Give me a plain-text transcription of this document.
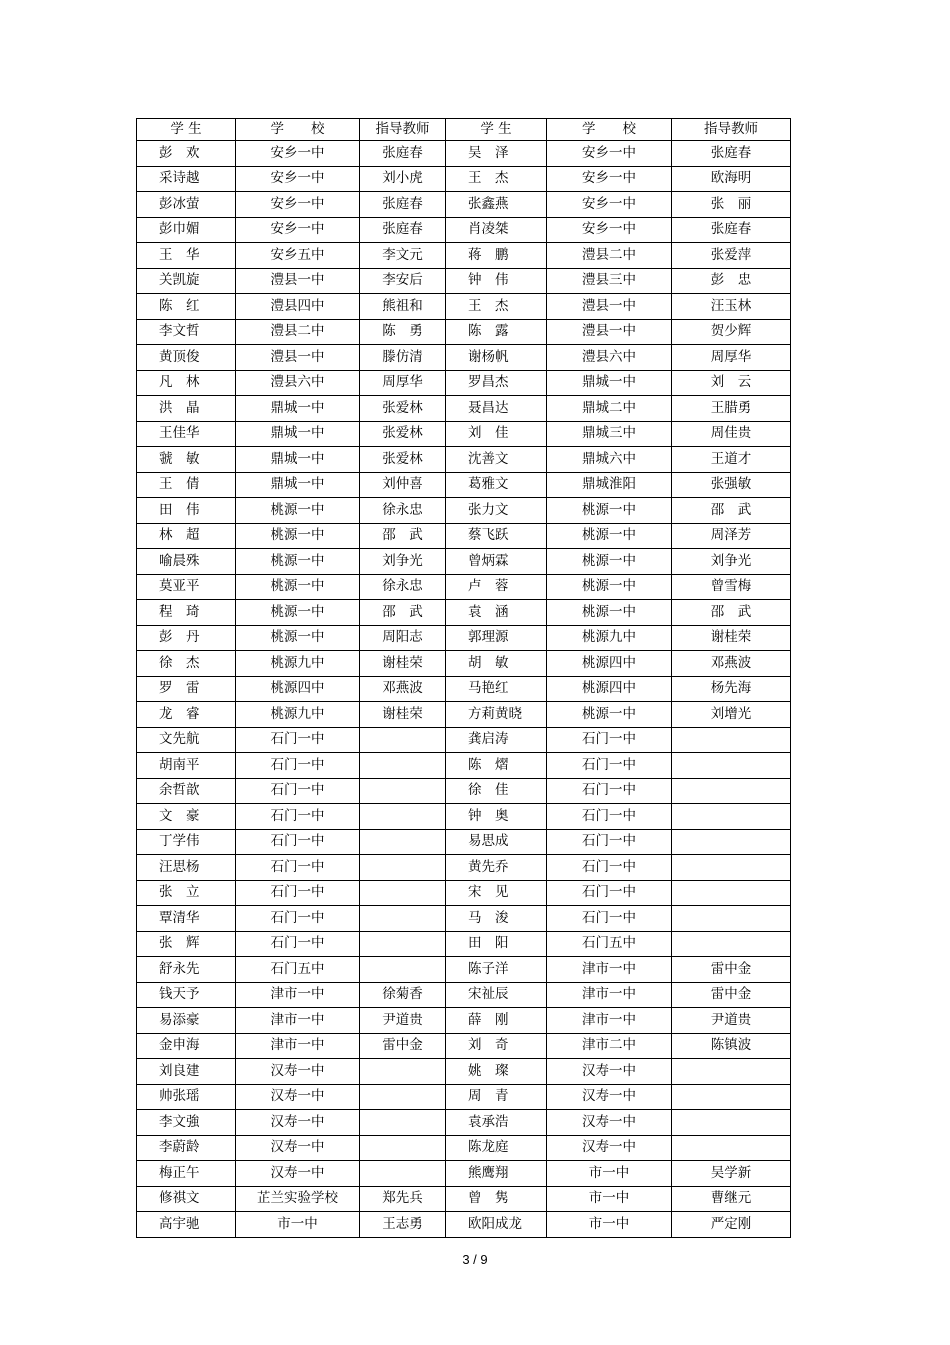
学 生	学　　校	指导教师	学 生	学　　校	指导教师
彭　欢	安乡一中	张庭春	吴　泽	安乡一中	张庭春
采诗越	安乡一中	刘小虎	王　杰	安乡一中	欧海明
彭冰萤	安乡一中	张庭春	张鑫燕	安乡一中	张　丽
彭巾媚	安乡一中	张庭春	肖凌桀	安乡一中	张庭春
王　华	安乡五中	李文元	蒋　鹏	澧县二中	张爱萍
关凯旋	澧县一中	李安后	钟　伟	澧县三中	彭　忠
陈　红	澧县四中	熊祖和	王　杰	澧县一中	汪玉林
李文哲	澧县二中	陈　勇	陈　露	澧县一中	贺少辉
黄顶俊	澧县一中	滕仿清	谢杨帆	澧县六中	周厚华
凡　林	澧县六中	周厚华	罗昌杰	鼎城一中	刘　云
洪　晶	鼎城一中	张爱林	聂昌达	鼎城二中	王腊勇
王佳华	鼎城一中	张爱林	刘　佳	鼎城三中	周佳贵
虢　敏	鼎城一中	张爱林	沈善文	鼎城六中	王道才
王　倩	鼎城一中	刘仲喜	葛雅文	鼎城淮阳	张强敏
田　伟	桃源一中	徐永忠	张力文	桃源一中	邵　武
林　超	桃源一中	邵　武	蔡飞跃	桃源一中	周泽芳
喻晨殊	桃源一中	刘争光	曾炳霖	桃源一中	刘争光
莫亚平	桃源一中	徐永忠	卢　蓉	桃源一中	曾雪梅
程　琦	桃源一中	邵　武	袁　涵	桃源一中	邵　武
彭　丹	桃源一中	周阳志	郭理源	桃源九中	谢桂荣
徐　杰	桃源九中	谢桂荣	胡　敏	桃源四中	邓燕波
罗　雷	桃源四中	邓燕波	马艳红	桃源四中	杨先海
龙　睿	桃源九中	谢桂荣	方莉黄晓	桃源一中	刘增光
文先航	石门一中		龚启涛	石门一中	
胡南平	石门一中		陈　熠	石门一中	
余哲歆	石门一中		徐　佳	石门一中	
文　豪	石门一中		钟　奥	石门一中	
丁学伟	石门一中		易思成	石门一中	
汪思杨	石门一中		黄先乔	石门一中	
张　立	石门一中		宋　见	石门一中	
覃清华	石门一中		马　浚	石门一中	
张　辉	石门一中		田　阳	石门五中	
舒永先	石门五中		陈子洋	津市一中	雷中金
钱天予	津市一中	徐菊香	宋祉辰	津市一中	雷中金
易添豪	津市一中	尹道贵	薛　刚	津市一中	尹道贵
金申海	津市一中	雷中金	刘　奇	津市二中	陈镇波
刘良建	汉寿一中		姚　璨	汉寿一中	
帅张瑶	汉寿一中		周　青	汉寿一中	
李文強	汉寿一中		袁承浩	汉寿一中	
李蔚龄	汉寿一中		陈龙庭	汉寿一中	
梅正午	汉寿一中		熊鹰翔	市一中	吴学新
修祺文	芷兰实验学校	郑先兵	曾　隽	市一中	曹继元
高宇驰	市一中	王志勇	欧阳成龙	市一中	严定刚
3 / 9
